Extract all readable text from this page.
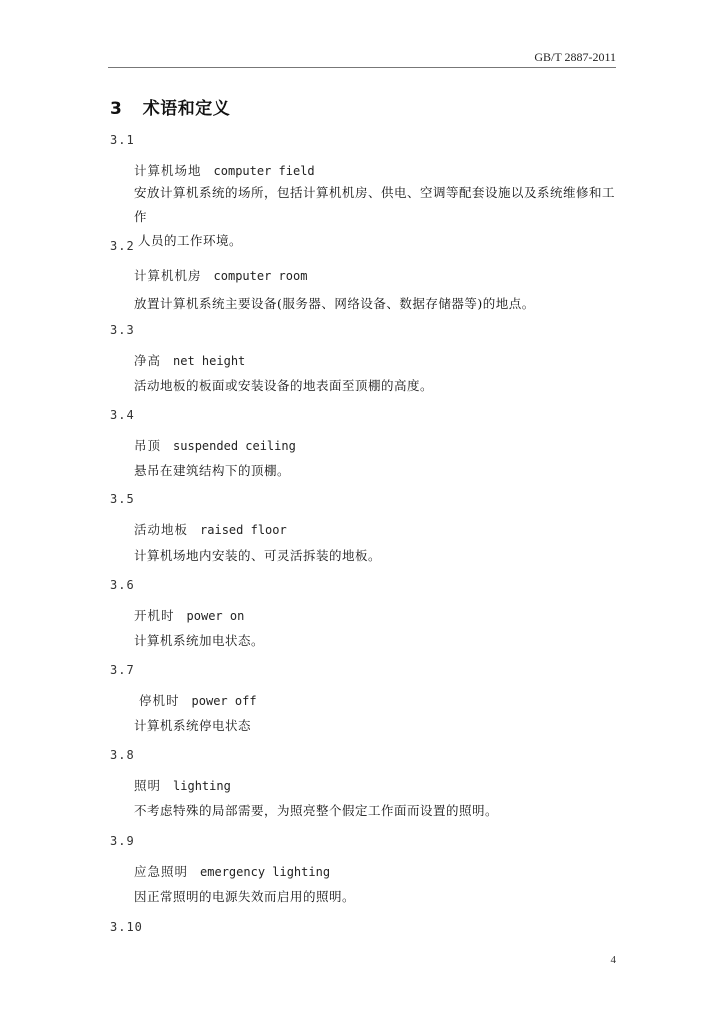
GB/T 2887-2011
3 术语和定义
3.1
计算机场地 computer field
安放计算机系统的场所，包括计算机机房、供电、空调等配套设施以及系统维修和工作
人员的工作环境。
3.2
计算机机房 computer room
放置计算机系统主要设备(服务器、网络设备、数据存储器等)的地点。
3.3
净高 net height
活动地板的板面或安装设备的地表面至顶棚的高度。
3.4
吊顶 suspended ceiling
悬吊在建筑结构下的顶棚。
3.5
活动地板 raised floor
计算机场地内安装的、可灵活拆装的地板。
3.6
开机时 power on
计算机系统加电状态。
3.7
停机时 power off
计算机系统停电状态
3.8
照明 lighting
不考虑特殊的局部需要，为照亮整个假定工作面而设置的照明。
3.9
应急照明 emergency lighting
因正常照明的电源失效而启用的照明。
3.10
4
